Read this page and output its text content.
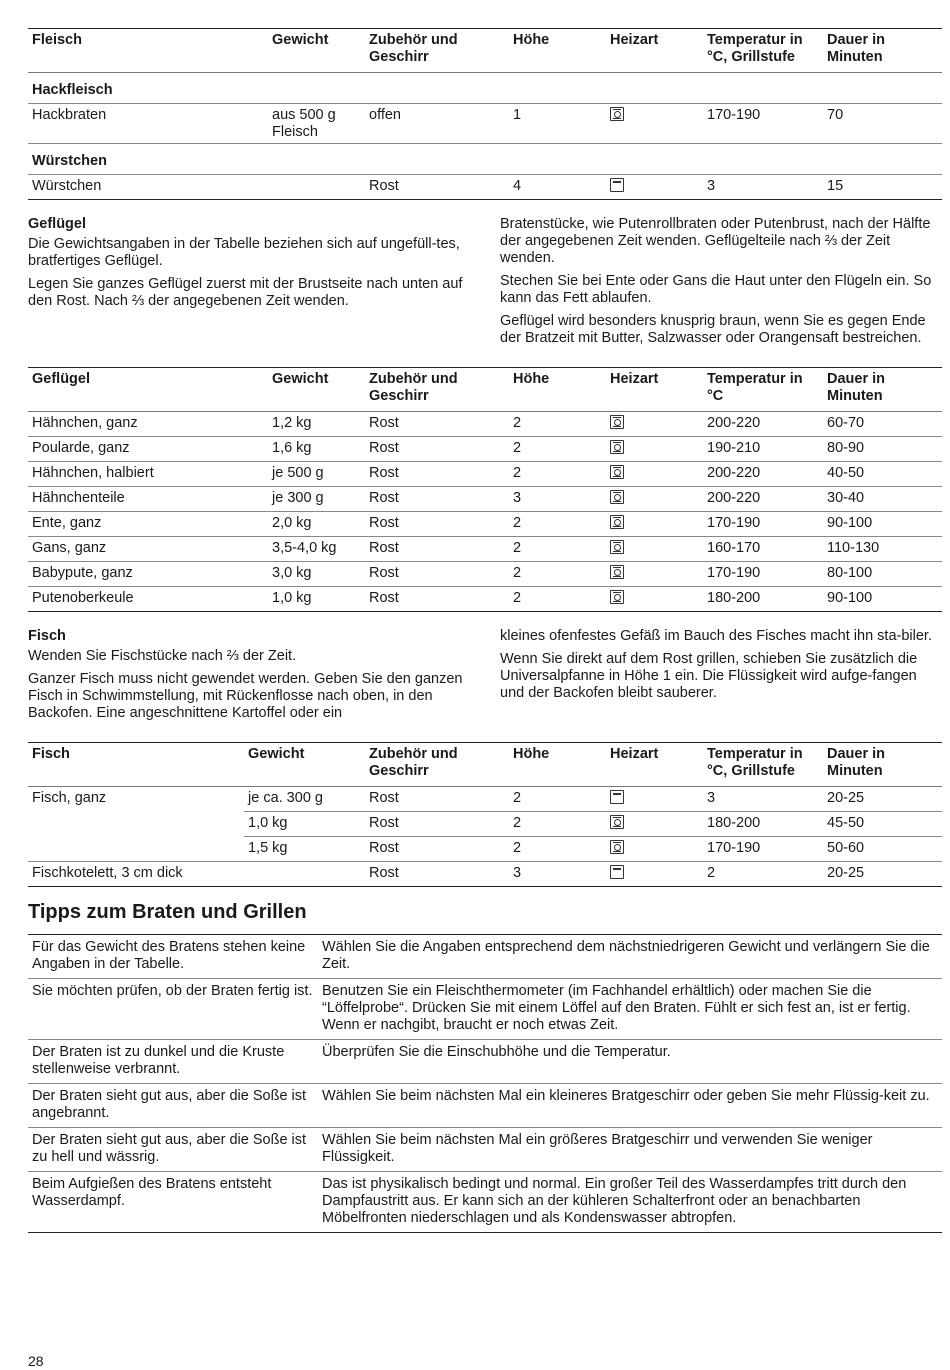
Fleisch	Gewicht	Zubehör und Geschirr	Höhe	Heizart	Temperatur in °C, Grillstufe	Dauer in Minuten
Hackfleisch						
Hackbraten	aus 500 g Fleisch	offen	1		170-190	70
Würstchen						
Würstchen		Rost	4		3	15
Geflügel

Die Gewichtsangaben in der Tabelle beziehen sich auf ungefüll-tes, bratfertiges Geflügel.

Legen Sie ganzes Geflügel zuerst mit der Brustseite nach unten auf den Rost. Nach ⅔ der angegebenen Zeit wenden.

Bratenstücke, wie Putenrollbraten oder Putenbrust, nach der Hälfte der angegebenen Zeit wenden. Geflügelteile nach ⅔ der Zeit wenden.

Stechen Sie bei Ente oder Gans die Haut unter den Flügeln ein. So kann das Fett ablaufen.

Geflügel wird besonders knusprig braun, wenn Sie es gegen Ende der Bratzeit mit Butter, Salzwasser oder Orangensaft bestreichen.

Geflügel	Gewicht	Zubehör und Geschirr	Höhe	Heizart	Temperatur in °C	Dauer in Minuten
Hähnchen, ganz	1,2 kg	Rost	2		200-220	60-70
Poularde, ganz	1,6 kg	Rost	2		190-210	80-90
Hähnchen, halbiert	je 500 g	Rost	2		200-220	40-50
Hähnchenteile	je 300 g	Rost	3		200-220	30-40
Ente, ganz	2,0 kg	Rost	2		170-190	90-100
Gans, ganz	3,5-4,0 kg	Rost	2		160-170	110-130
Babypute, ganz	3,0 kg	Rost	2		170-190	80-100
Putenoberkeule	1,0 kg	Rost	2		180-200	90-100
Fisch

Wenden Sie Fischstücke nach ⅔ der Zeit.

Ganzer Fisch muss nicht gewendet werden. Geben Sie den ganzen Fisch in Schwimmstellung, mit Rückenflosse nach oben, in den Backofen. Eine angeschnittene Kartoffel oder ein

kleines ofenfestes Gefäß im Bauch des Fisches macht ihn sta-biler.

Wenn Sie direkt auf dem Rost grillen, schieben Sie zusätzlich die Universalpfanne in Höhe 1 ein. Die Flüssigkeit wird aufge-fangen und der Backofen bleibt sauberer.

Fisch	Gewicht	Zubehör und Geschirr	Höhe	Heizart	Temperatur in °C, Grillstufe	Dauer in Minuten
Fisch, ganz	je ca. 300 g	Rost	2		3	20-25
	1,0 kg	Rost	2		180-200	45-50
	1,5 kg	Rost	2		170-190	50-60
Fischkotelett, 3 cm dick		Rost	3		2	20-25
Tipps zum Braten und Grillen
Für das Gewicht des Bratens stehen keine Angaben in der Tabelle.	Wählen Sie die Angaben entsprechend dem nächstniedrigeren Gewicht und verlängern Sie die Zeit.
Sie möchten prüfen, ob der Braten fertig ist.	Benutzen Sie ein Fleischthermometer (im Fachhandel erhältlich) oder machen Sie die “Löffelprobe“. Drücken Sie mit einem Löffel auf den Braten. Fühlt er sich fest an, ist er fertig. Wenn er nachgibt, braucht er noch etwas Zeit.
Der Braten ist zu dunkel und die Kruste stellenweise verbrannt.	Überprüfen Sie die Einschubhöhe und die Temperatur.
Der Braten sieht gut aus, aber die Soße ist angebrannt.	Wählen Sie beim nächsten Mal ein kleineres Bratgeschirr oder geben Sie mehr Flüssig-keit zu.
Der Braten sieht gut aus, aber die Soße ist zu hell und wässrig.	Wählen Sie beim nächsten Mal ein größeres Bratgeschirr und verwenden Sie weniger Flüssigkeit.
Beim Aufgießen des Bratens entsteht Wasserdampf.	Das ist physikalisch bedingt und normal. Ein großer Teil des Wasserdampfes tritt durch den Dampfaustritt aus. Er kann sich an der kühleren Schalterfront oder an benachbarten Möbelfronten niederschlagen und als Kondenswasser abtropfen.
28
